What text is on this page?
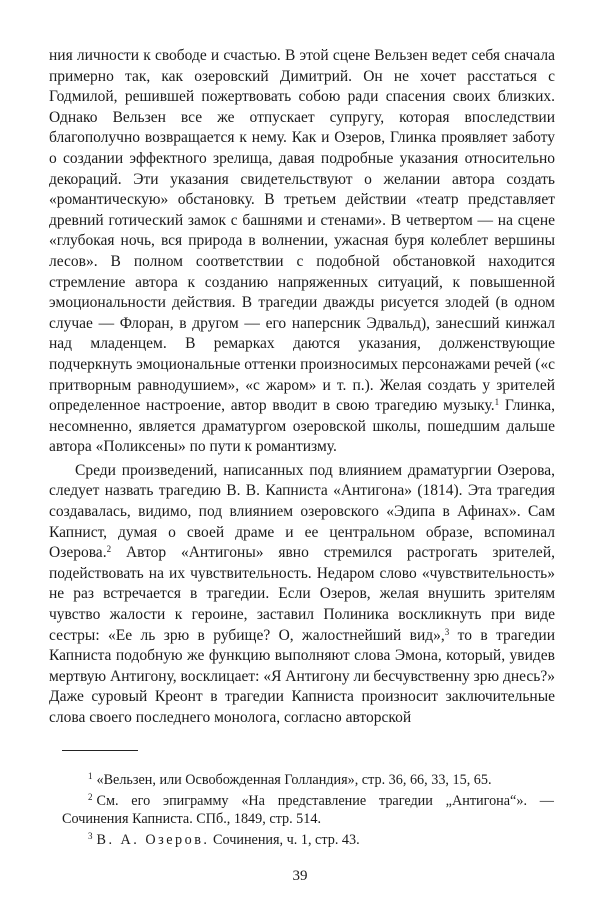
ния личности к свободе и счастью. В этой сцене Вельзен ведет себя сначала примерно так, как озеровский Димитрий. Он не хочет расстаться с Годмилой, решившей пожертвовать собою ради спасения своих близких. Однако Вельзен все же отпускает супругу, которая впоследствии благополучно возвращается к нему. Как и Озеров, Глинка проявляет заботу о создании эффектного зрелища, давая подробные указания относительно декораций. Эти указания свидетельствуют о желании автора создать «романтическую» обстановку. В третьем действии «театр представляет древний готический замок с башнями и стенами». В четвертом — на сцене «глубокая ночь, вся природа в волнении, ужасная буря колеблет вершины лесов». В полном соответствии с подобной обстановкой находится стремление автора к созданию напряженных ситуаций, к повышенной эмоциональности действия. В трагедии дважды рисуется злодей (в одном случае — Флоран, в другом — его наперсник Эдвальд), занесший кинжал над младенцем. В ремарках даются указания, долженствующие подчеркнуть эмоциональные оттенки произносимых персонажами речей («с притворным равнодушием», «с жаром» и т. п.). Желая создать у зрителей определенное настроение, автор вводит в свою трагедию музыку.$^1$ Глинка, несомненно, является драматургом озеровской школы, пошедшим дальше автора «Поликсены» по пути к романтизму.

Среди произведений, написанных под влиянием драматургии Озерова, следует назвать трагедию В. В. Капниста «Антигона» (1814). Эта трагедия создавалась, видимо, под влиянием озеровского «Эдипа в Афинах». Сам Капнист, думая о своей драме и ее центральном образе, вспоминал Озерова.$^2$ Автор «Антигоны» явно стремился растрогать зрителей, подействовать на их чувствительность. Недаром слово «чувствительность» не раз встречается в трагедии. Если Озеров, желая внушить зрителям чувство жалости к героине, заставил Полиника воскликнуть при виде сестры: «Ее ль зрю в рубище? О, жалостнейший вид»,$^3$ то в трагедии Капниста подобную же функцию выполняют слова Эмона, который, увидев мертвую Антигону, восклицает: «Я Антигону ли бесчувственну зрю днесь?» Даже суровый Креонт в трагедии Капниста произносит заключительные слова своего последнего монолога, согласно авторской

$^1$ «Вельзен, или Освобожденная Голландия», стр. 36, 66, 33, 15, 65.

$^2$ См. его эпиграмму «На представление трагедии „Антигона“». — Сочинения Капниста. СПб., 1849, стр. 514.

$^3$ В. А. Озеров. Сочинения, ч. 1, стр. 43.

39
